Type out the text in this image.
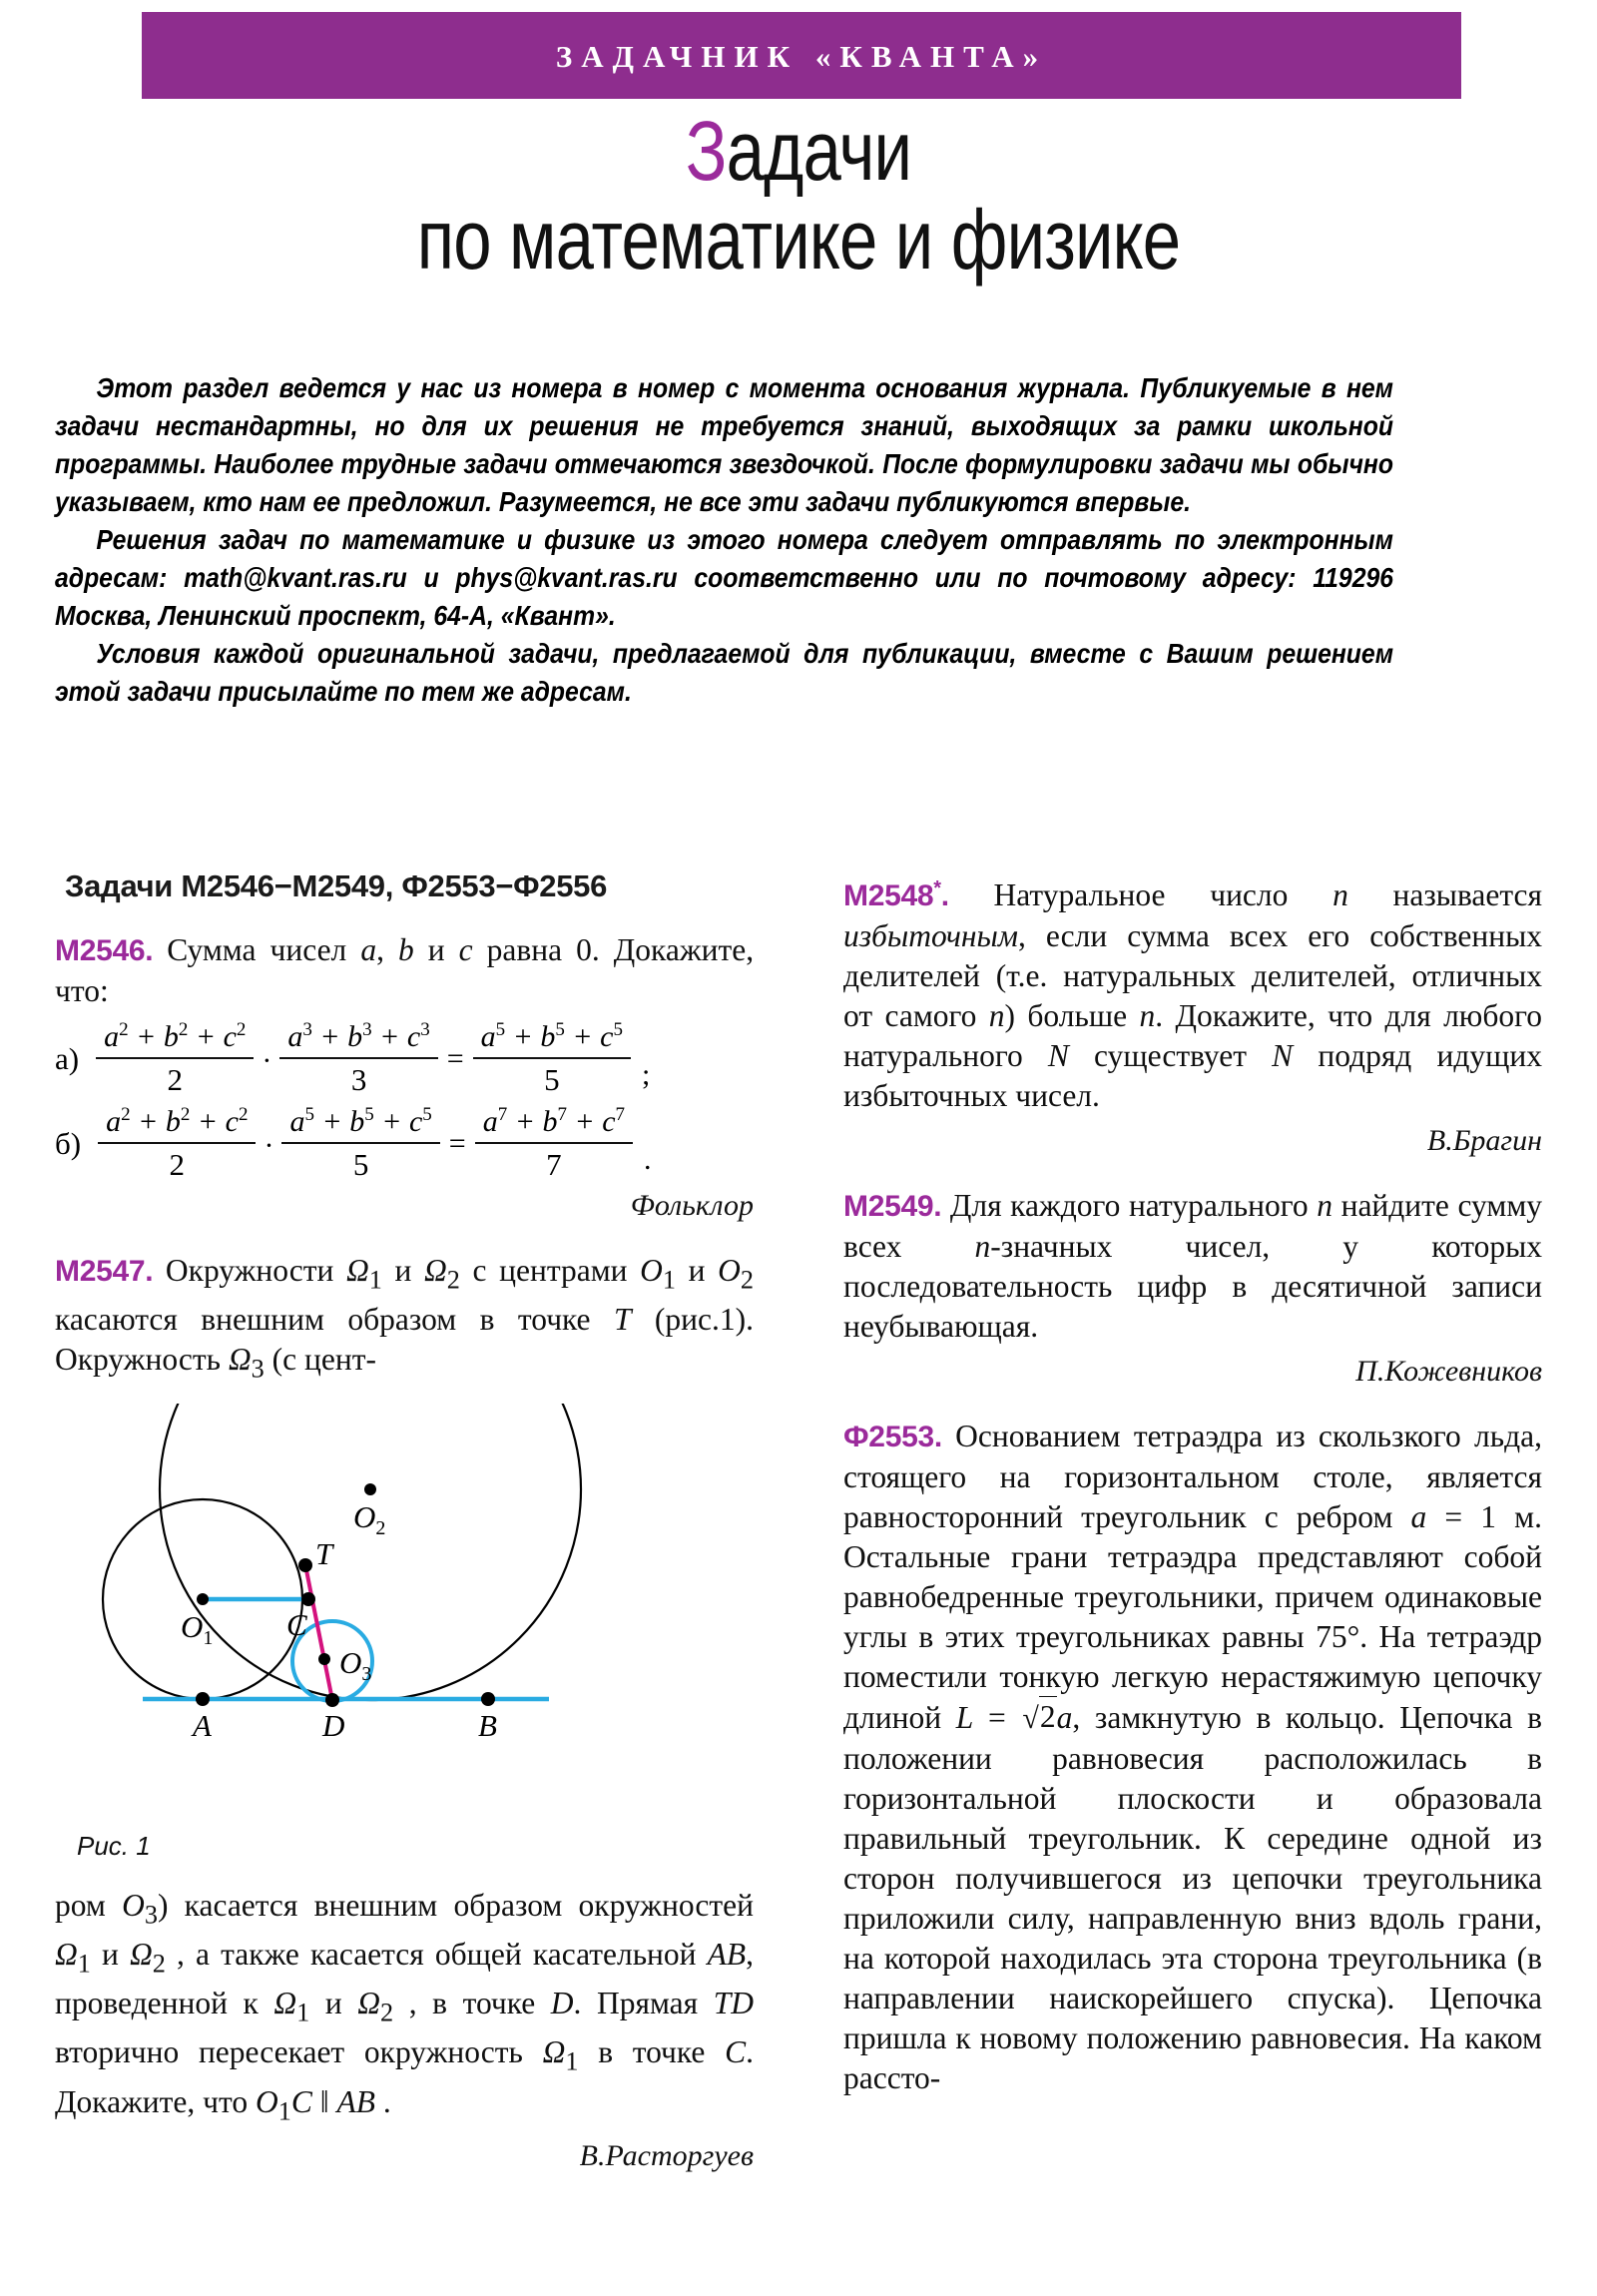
ЗАДАЧНИК «КВАНТА»
Задачи
по математике и физике

Этот раздел ведется у нас из номера в номер с момента основания журнала. Публикуемые в нем задачи нестандартны, но для их решения не требуется знаний, выходящих за рамки школьной программы. Наиболее трудные задачи отмечаются звездочкой. После формулировки задачи мы обычно указываем, кто нам ее предложил. Разумеется, не все эти задачи публикуются впервые.

Решения задач по математике и физике из этого номера следует отправлять по электронным адресам: math@kvant.ras.ru и phys@kvant.ras.ru соответственно или по почтовому адресу: 119296 Москва, Ленинский проспект, 64-А, «Квант».

Условия каждой оригинальной задачи, предлагаемой для публикации, вместе с Вашим решением этой задачи присылайте по тем же адресам.

Задачи М2546−М2549, Ф2553−Ф2556
М2546. Сумма чисел a, b и c равна 0. Докажите, что:
$а) \frac{a^2 + b^2 + c^2}{2} \cdot \frac{a^3 + b^3 + c^3}{3} = \frac{a^5 + b^5 + c^5}{5}$ ;
$б) \frac{a^2 + b^2 + c^2}{2} \cdot \frac{a^5 + b^5 + c^5}{5} = \frac{a^7 + b^7 + c^7}{7}$ .
Фольклор
М2547. Окружности $\Omega_1$ и $\Omega_2$ с центрами $O_1$ и $O_2$ касаются внешним образом в точке T (рис.1). Окружность $\Omega_3$ (с цент-
$O_1$
$O_2$
$O_3$
T
C
A	D	B
Рис. 1
ром $O_3$) касается внешним образом окружностей $\Omega_1$ и $\Omega_2$ , а также касается общей касательной AB, проведенной к $\Omega_1$ и $\Omega_2$ , в точке D. Прямая TD вторично пересекает окружность $\Omega_1$ в точке C. Докажите, что $O_1C$ ‖ AB .
В.Расторгуев
М2548*. Натуральное число n называется избыточным, если сумма всех его собственных делителей (т.е. натуральных делителей, отличных от самого n) больше n. Докажите, что для любого натурального N существует N подряд идущих избыточных чисел.
В.Брагин
М2549. Для каждого натурального n найдите сумму всех n-значных чисел, у которых последовательность цифр в десятичной записи неубывающая.
П.Кожевников
Ф2553. Основанием тетраэдра из скользкого льда, стоящего на горизонтальном столе, является равносторонний треугольник с ребром a = 1 м. Остальные грани тетраэдра представляют собой равнобедренные треугольники, причем одинаковые углы в этих треугольниках равны 75°. На тетраэдр поместили тонкую легкую нерастяжимую цепочку длиной L = √2a, замкнутую в кольцо. Цепочка в положении равновесия расположилась в горизонтальной плоскости и образовала правильный треугольник. К середине одной из сторон получившегося из цепочки треугольника приложили силу, направленную вниз вдоль грани, на которой находилась эта сторона треугольника (в направлении наискорейшего спуска). Цепочка пришла к новому положению равновесия. На каком рассто-
